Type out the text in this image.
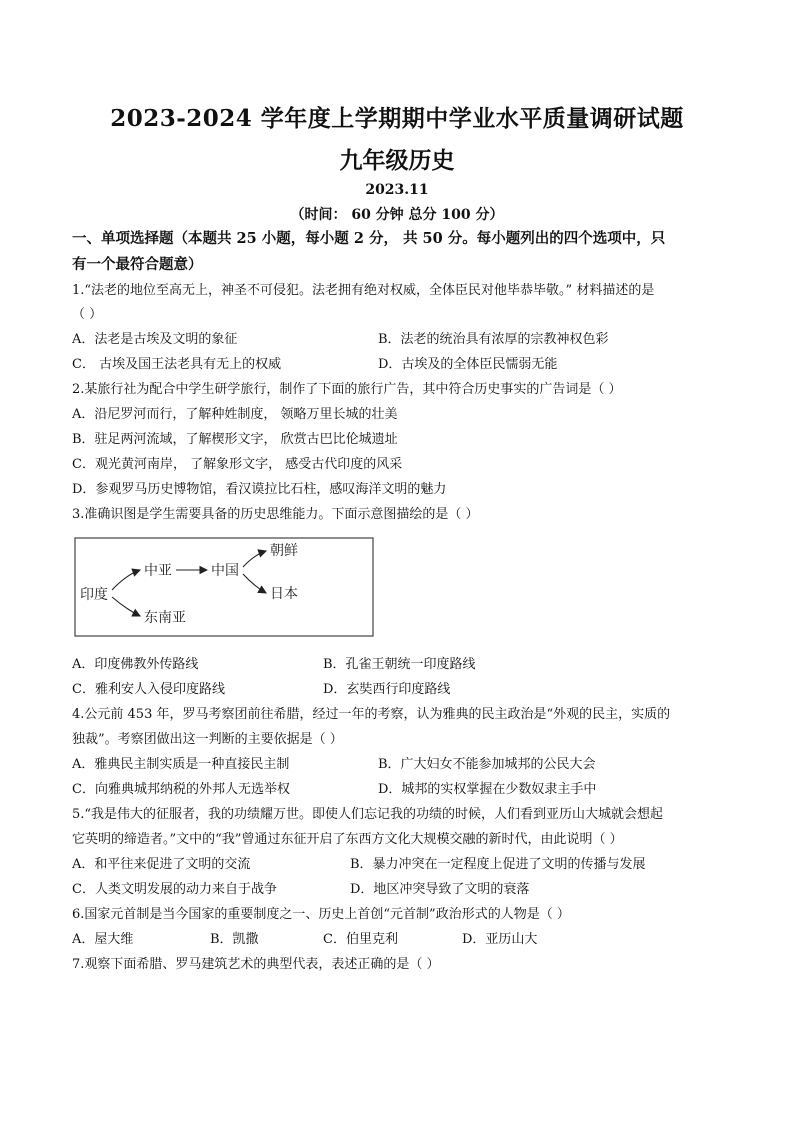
2023-2024 学年度上学期期中学业水平质量调研试题
九年级历史
2023.11
（时间： 60 分钟 总分 100 分）
一、单项选择题（本题共 25 小题，每小题 2 分， 共 50 分。每小题列出的四个选项中，只
有一个最符合题意）
1.“法老的地位至高无上，神圣不可侵犯。法老拥有绝对权威，全体臣民对他毕恭毕敬。” 材料描述的是
（ ）
A．法老是古埃及文明的象征	B．法老的统治具有浓厚的宗教神权色彩
C． 古埃及国王法老具有无上的权威	D．古埃及的全体臣民懦弱无能
2.某旅行社为配合中学生研学旅行，制作了下面的旅行广告，其中符合历史事实的广告词是（ ）
A．沿尼罗河而行，了解种姓制度， 领略万里长城的壮美
B．驻足两河流域，了解楔形文字， 欣赏古巴比伦城遗址
C．观光黄河南岸， 了解象形文字， 感受古代印度的风采
D．参观罗马历史博物馆，看汉谟拉比石柱，感叹海洋文明的魅力
3.准确识图是学生需要具备的历史思维能力。下面示意图描绘的是（ ）
印度
中亚	中国
朝鲜
日本
东南亚
A．印度佛教外传路线	B．孔雀王朝统一印度路线
C．雅利安人入侵印度路线	D．玄奘西行印度路线
4.公元前 453 年，罗马考察团前往希腊，经过一年的考察，认为雅典的民主政治是“外观的民主，实质的
独裁”。考察团做出这一判断的主要依据是（ ）
A．雅典民主制实质是一种直接民主制	B．广大妇女不能参加城邦的公民大会
C．向雅典城邦纳税的外邦人无选举权	D．城邦的实权掌握在少数奴隶主手中
5.“我是伟大的征服者，我的功绩耀万世。即使人们忘记我的功绩的时候，人们看到亚历山大城就会想起
它英明的缔造者。”文中的“我”曾通过东征开启了东西方文化大规模交融的新时代，由此说明（ ）
A．和平往来促进了文明的交流	B．暴力冲突在一定程度上促进了文明的传播与发展
C．人类文明发展的动力来自于战争	D．地区冲突导致了文明的衰落
6.国家元首制是当今国家的重要制度之一、历史上首创“元首制”政治形式的人物是（ ）
A．屋大维	B．凯撒	C．伯里克利	D．亚历山大
7.观察下面希腊、罗马建筑艺术的典型代表，表述正确的是（ ）
